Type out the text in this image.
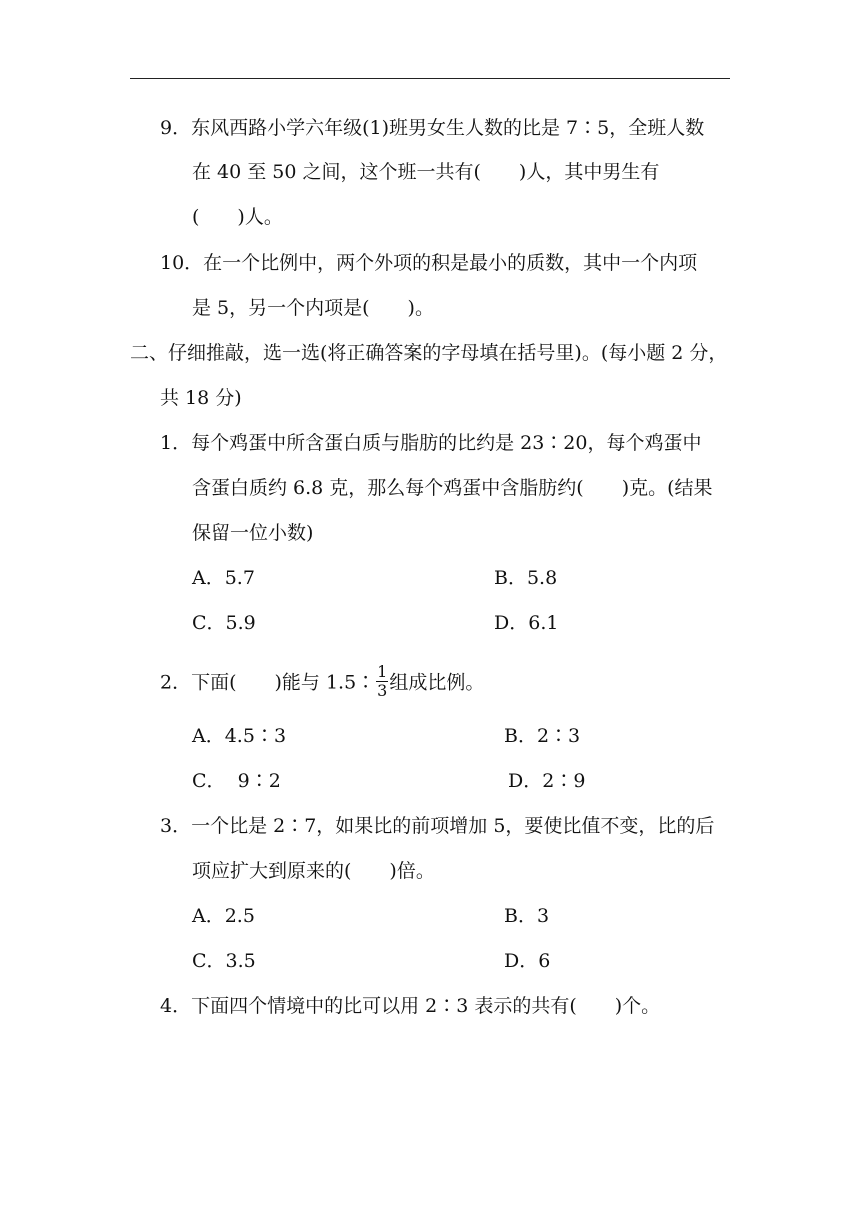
9．东风西路小学六年级(1)班男女生人数的比是 7∶5，全班人数
在 40 至 50 之间，这个班一共有(　　)人，其中男生有
(　　)人。
10．在一个比例中，两个外项的积是最小的质数，其中一个内项
是 5，另一个内项是(　　)。
二、仔细推敲，选一选(将正确答案的字母填在括号里)。(每小题 2 分，
共 18 分)
1．每个鸡蛋中所含蛋白质与脂肪的比约是 23∶20，每个鸡蛋中
含蛋白质约 6.8 克，那么每个鸡蛋中含脂肪约(　　)克。(结果
保留一位小数)
A．5.7	B．5.8
C．5.9	D．6.1
2．下面(　　)能与 1.5∶ $\frac{1}{3}$ 组成比例。
A．4.5∶3	B．2∶3
C．  9∶2	D．2∶9
3．一个比是 2∶7，如果比的前项增加 5，要使比值不变，比的后
项应扩大到原来的(　　)倍。
A．2.5	B．3
C．3.5	D．6
4．下面四个情境中的比可以用 2∶3 表示的共有(　　)个。
